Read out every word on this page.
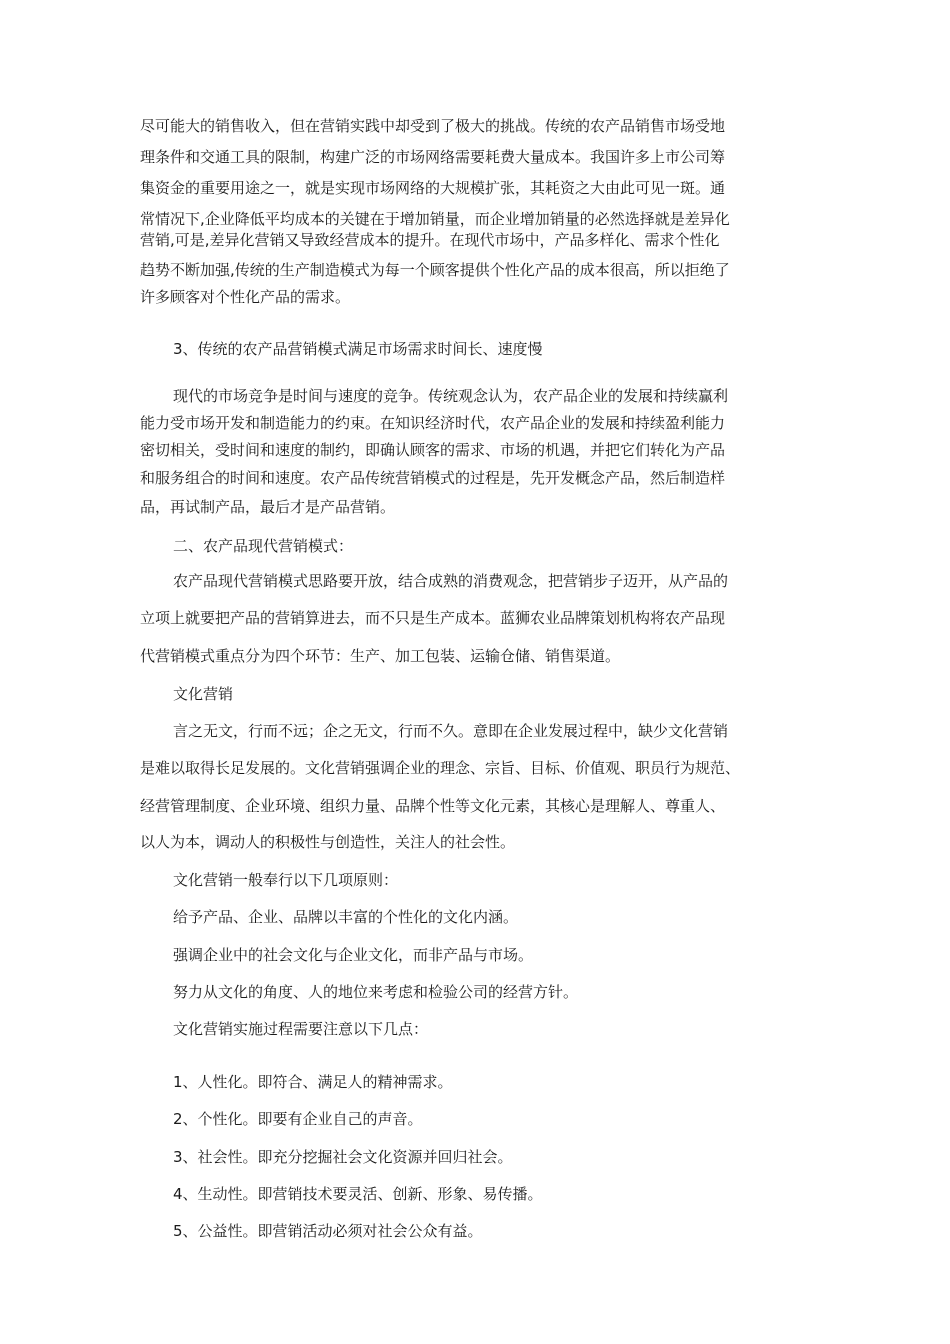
尽可能大的销售收入，但在营销实践中却受到了极大的挑战。传统的农产品销售市场受地
理条件和交通工具的限制，构建广泛的市场网络需要耗费大量成本。我国许多上市公司筹
集资金的重要用途之一，就是实现市场网络的大规模扩张，其耗资之大由此可见一斑。通
常情况下,企业降低平均成本的关键在于增加销量，而企业增加销量的必然选择就是差异化
营销,可是,差异化营销又导致经营成本的提升。在现代市场中，产品多样化、需求个性化
趋势不断加强,传统的生产制造模式为每一个顾客提供个性化产品的成本很高，所以拒绝了
许多顾客对个性化产品的需求。
3、传统的农产品营销模式满足市场需求时间长、速度慢
现代的市场竞争是时间与速度的竞争。传统观念认为，农产品企业的发展和持续赢利
能力受市场开发和制造能力的约束。在知识经济时代，农产品企业的发展和持续盈利能力
密切相关，受时间和速度的制约，即确认顾客的需求、市场的机遇，并把它们转化为产品
和服务组合的时间和速度。农产品传统营销模式的过程是，先开发概念产品，然后制造样
品，再试制产品，最后才是产品营销。
二、农产品现代营销模式：
农产品现代营销模式思路要开放，结合成熟的消费观念，把营销步子迈开，从产品的
立项上就要把产品的营销算进去，而不只是生产成本。蓝狮农业品牌策划机构将农产品现
代营销模式重点分为四个环节：生产、加工包装、运输仓储、销售渠道。
文化营销
言之无文，行而不远；企之无文，行而不久。意即在企业发展过程中，缺少文化营销
是难以取得长足发展的。文化营销强调企业的理念、宗旨、目标、价值观、职员行为规范、
经营管理制度、企业环境、组织力量、品牌个性等文化元素，其核心是理解人、尊重人、
以人为本，调动人的积极性与创造性，关注人的社会性。
文化营销一般奉行以下几项原则：
给予产品、企业、品牌以丰富的个性化的文化内涵。
强调企业中的社会文化与企业文化，而非产品与市场。
努力从文化的角度、人的地位来考虑和检验公司的经营方针。
文化营销实施过程需要注意以下几点：
1、人性化。即符合、满足人的精神需求。
2、个性化。即要有企业自己的声音。
3、社会性。即充分挖掘社会文化资源并回归社会。
4、生动性。即营销技术要灵活、创新、形象、易传播。
5、公益性。即营销活动必须对社会公众有益。
